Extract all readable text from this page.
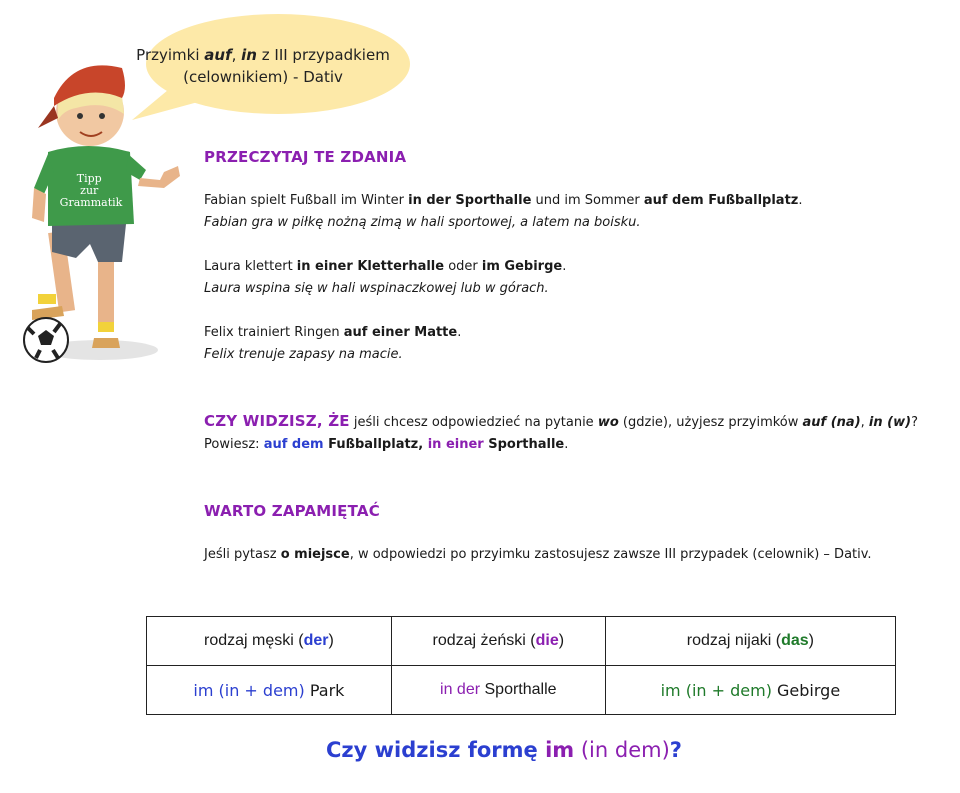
Przyimki auf, in z III przypadkiem
(celownikiem) - Dativ
Tipp zur Grammatik
PRZECZYTAJ TE ZDANIA

Fabian spielt Fußball im Winter in der Sporthalle und im Sommer auf dem Fußballplatz.

Fabian gra w piłkę nożną zimą w hali sportowej, a latem na boisku.

Laura klettert in einer Kletterhalle oder im Gebirge.

Laura wspina się w hali wspinaczkowej lub w górach.

Felix trainiert Ringen auf einer Matte.

Felix trenuje zapasy na macie.

CZY WIDZISZ, ŻE jeśli chcesz odpowiedzieć na pytanie wo (gdzie), użyjesz przyimków auf (na), in (w)?

Powiesz: auf dem Fußballplatz, in einer Sporthalle.

WARTO ZAPAMIĘTAĆ

Jeśli pytasz o miejsce, w odpowiedzi po przyimku zastosujesz zawsze III przypadek (celownik) – Dativ.

rodzaj męski (der)	rodzaj żeński (die)	rodzaj nijaki (das)
im (in + dem) Park	in der Sporthalle	im (in + dem) Gebirge
Czy widzisz formę im (in dem)?
